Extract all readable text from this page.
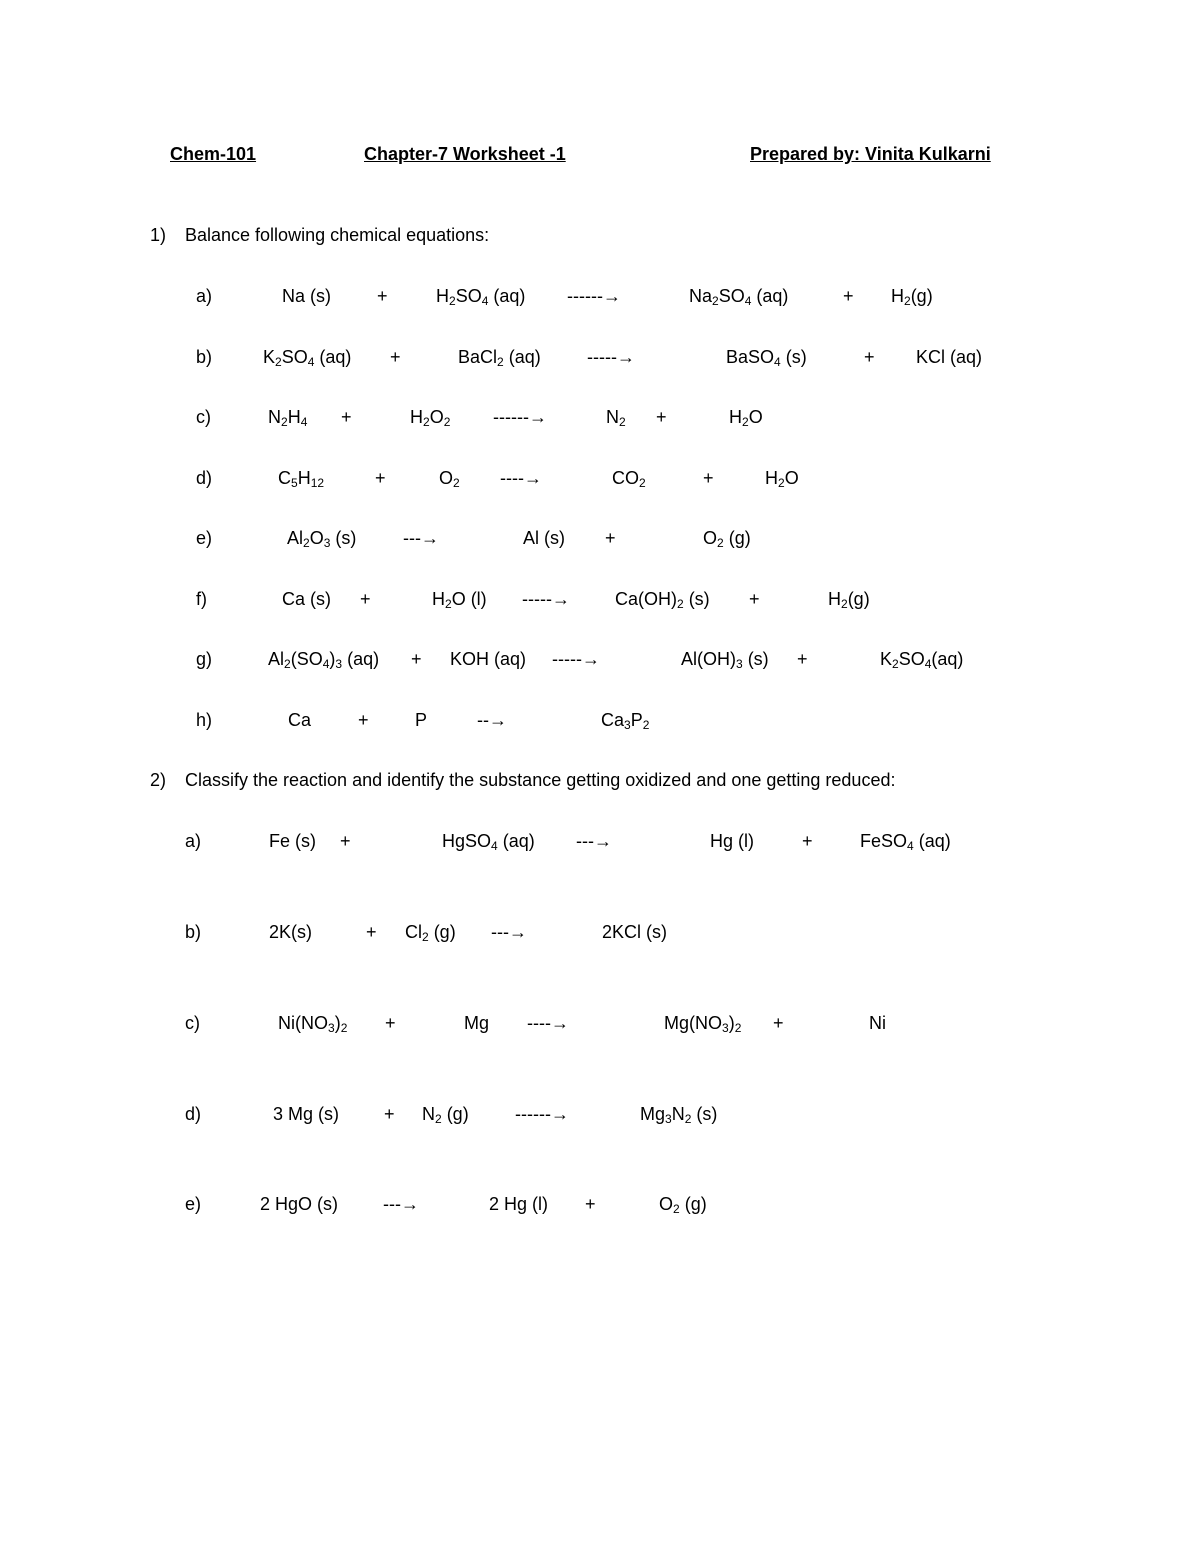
Chem-101	Chapter-7 Worksheet -1	Prepared by: Vinita Kulkarni
1) Balance following chemical equations:
2) Classify the reaction and identify the substance getting oxidized and one getting reduced:
a)	Na (s)	+	$H_2SO_4$ (aq) ------→	$Na_2SO_4$ (aq)	+ $H_2(g)$
b)	$K_2SO_4$ (aq) +	BaCl$_2$ (aq)	-----→	BaSO$_4$ (s)	+ KCl (aq)
c)	$N_2H_4$ +	$H_2O_2$ ------→	$N_2$ +	$H_2O$
d)	$C_5H_{12}$	+	$O_2$ ----→	$CO_2$	+	$H_2O$
e)	$Al_2O_3$ (s)	---→	Al (s) +	$O_2$ (g)
f)	Ca (s) +	$H_2O$ (l) -----→	$Ca(OH)_2$ (s) +	$H_2(g)$
g)	$Al_2(SO_4)_3$ (aq) + KOH (aq) -----→	$Al(OH)_3$ (s) +	$K_2SO_4(aq)$
h)	Ca	+	P	--→	$Ca_3P_2$
a)	Fe (s) +	HgSO$_4$ (aq) ---→	Hg (l)	+	FeSO$_4$ (aq)
b)	2K(s)	+ $Cl_2$ (g) ---→	2KCl (s)
c)	$Ni(NO_3)_2$ +	Mg ----→	$Mg(NO_3)_2$ +	Ni
d)	3 Mg $(s) + N_2$ (g)	------→	$Mg_3N_2$ (s)
e)	2 HgO (s) ---→	2 Hg (l) +	$O_2$ (g)
